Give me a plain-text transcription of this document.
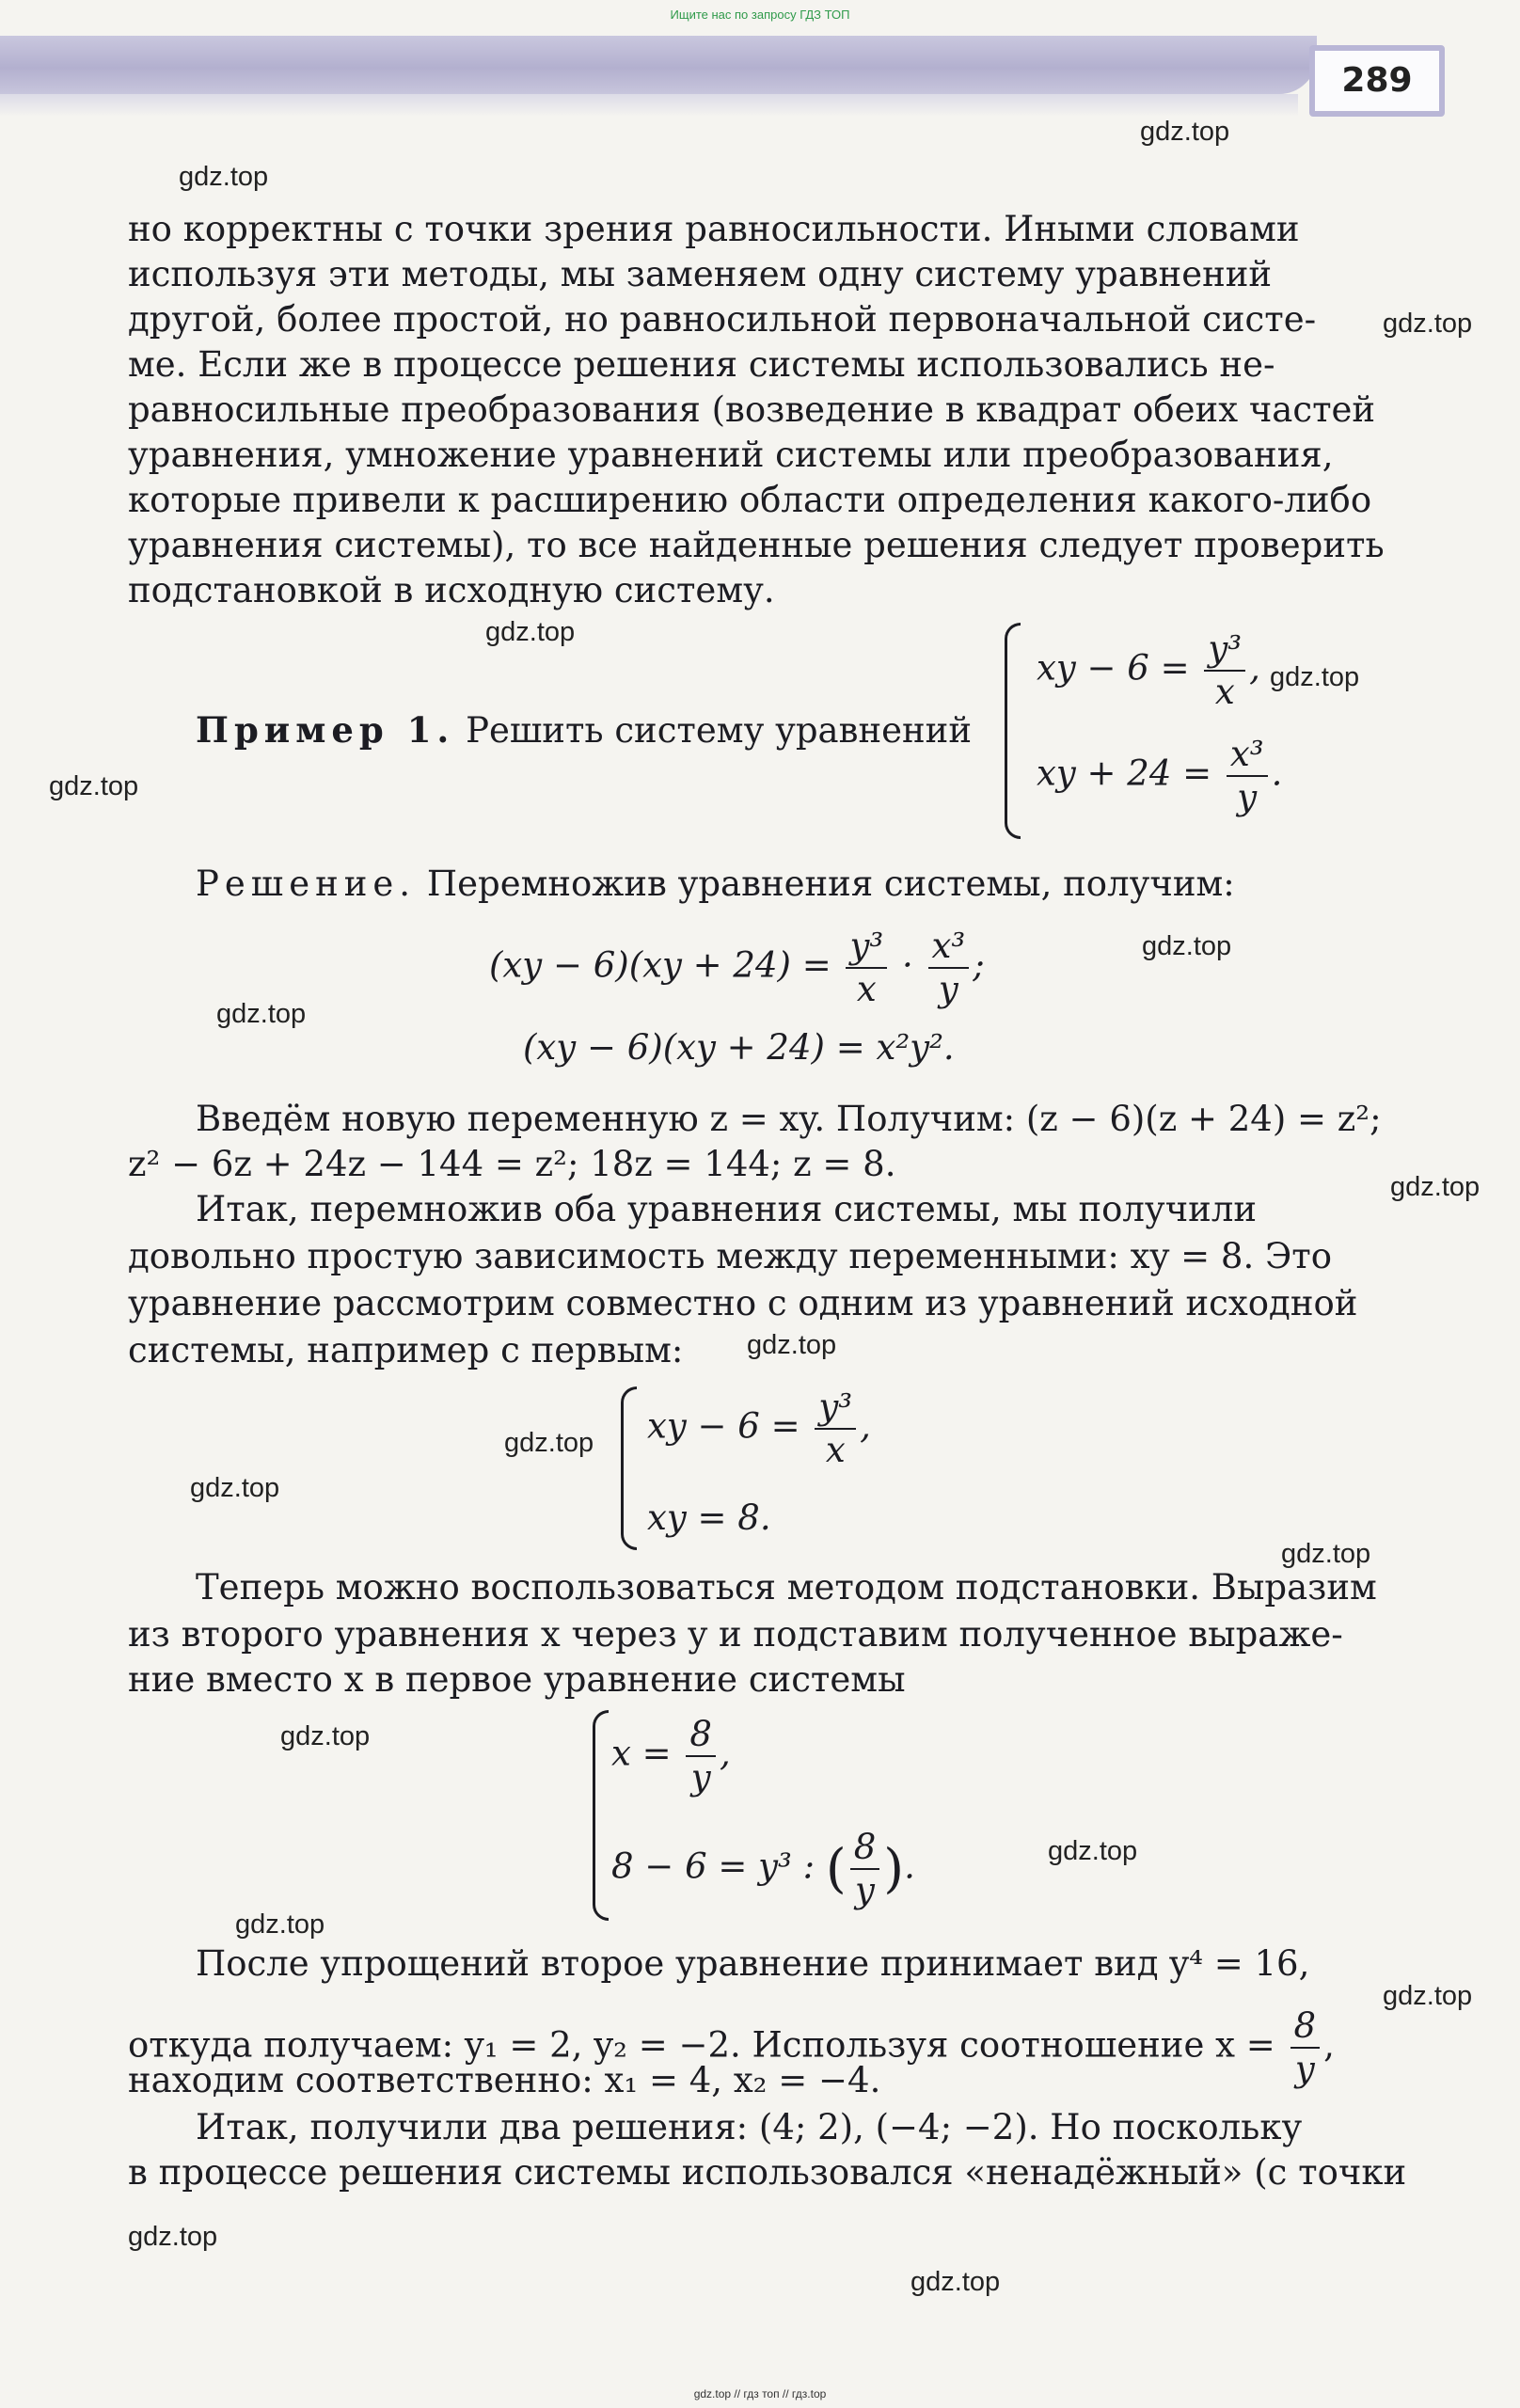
Ищите нас по запросу ГДЗ ТОП
289
gdz.top
gdz.top
gdz.top
gdz.top
gdz.top
gdz.top
gdz.top
gdz.top
gdz.top
gdz.top
gdz.top
gdz.top
gdz.top
gdz.top
gdz.top
gdz.top
gdz.top
gdz.top
gdz.top
но корректны с точки зрения равносильности. Иными словами
используя эти методы, мы заменяем одну систему уравнений
другой, более простой, но равносильной первоначальной систе-
ме. Если же в процессе решения системы использовались не-
равносильные преобразования (возведение в квадрат обеих частей
уравнения, умножение уравнений системы или преобразования,
которые привели к расширению области определения какого-либо
уравнения системы), то все найденные решения следует проверить
подстановкой в исходную систему.
Пример 1. Решить систему уравнений
xy − $6 = \frac{\text{y³}}{x}$ ,
xy + $24 = \frac{\text{x³}}{y}$ .
Решение. Перемножив уравнения системы, получим:
$(xy - 6)(xy + 24) = \frac{\text{y³}}{x} \cdot \frac{\text{x³}}{y}$ ;
(xy − 6)(xy + 24) = x²y².
Введём новую переменную z = xy. Получим: (z − 6)(z + 24) = z²;
z² − 6z + 24z − 144 = z²; 18z = 144; z = 8.
Итак, перемножив оба уравнения системы, мы получили
довольно простую зависимость между переменными: xy = 8. Это
уравнение рассмотрим совместно с одним из уравнений исходной
системы, например с первым:
xy − $6 = \frac{\text{y³}}{x}$ ,
xy = 8.
Теперь можно воспользоваться методом подстановки. Выразим
из второго уравнения x через y и подставим полученное выраже-
ние вместо x в первое уравнение системы
$x = \frac{8}{y}$ ,
8 − 6 = y³ : ( $\frac{8}{y}$ ).
После упрощений второе уравнение принимает вид y⁴ = 16,
откуда получаем: y₁ = 2, y₂ = −2. Используя соотношение $x = \frac{8}{y}$ ,
находим соответственно: x₁ = 4, x₂ = −4.
Итак, получили два решения: (4; 2), (−4; −2). Но поскольку
в процессе решения системы использовался «ненадёжный» (с точки
gdz.top // гдз топ // гдз.top
